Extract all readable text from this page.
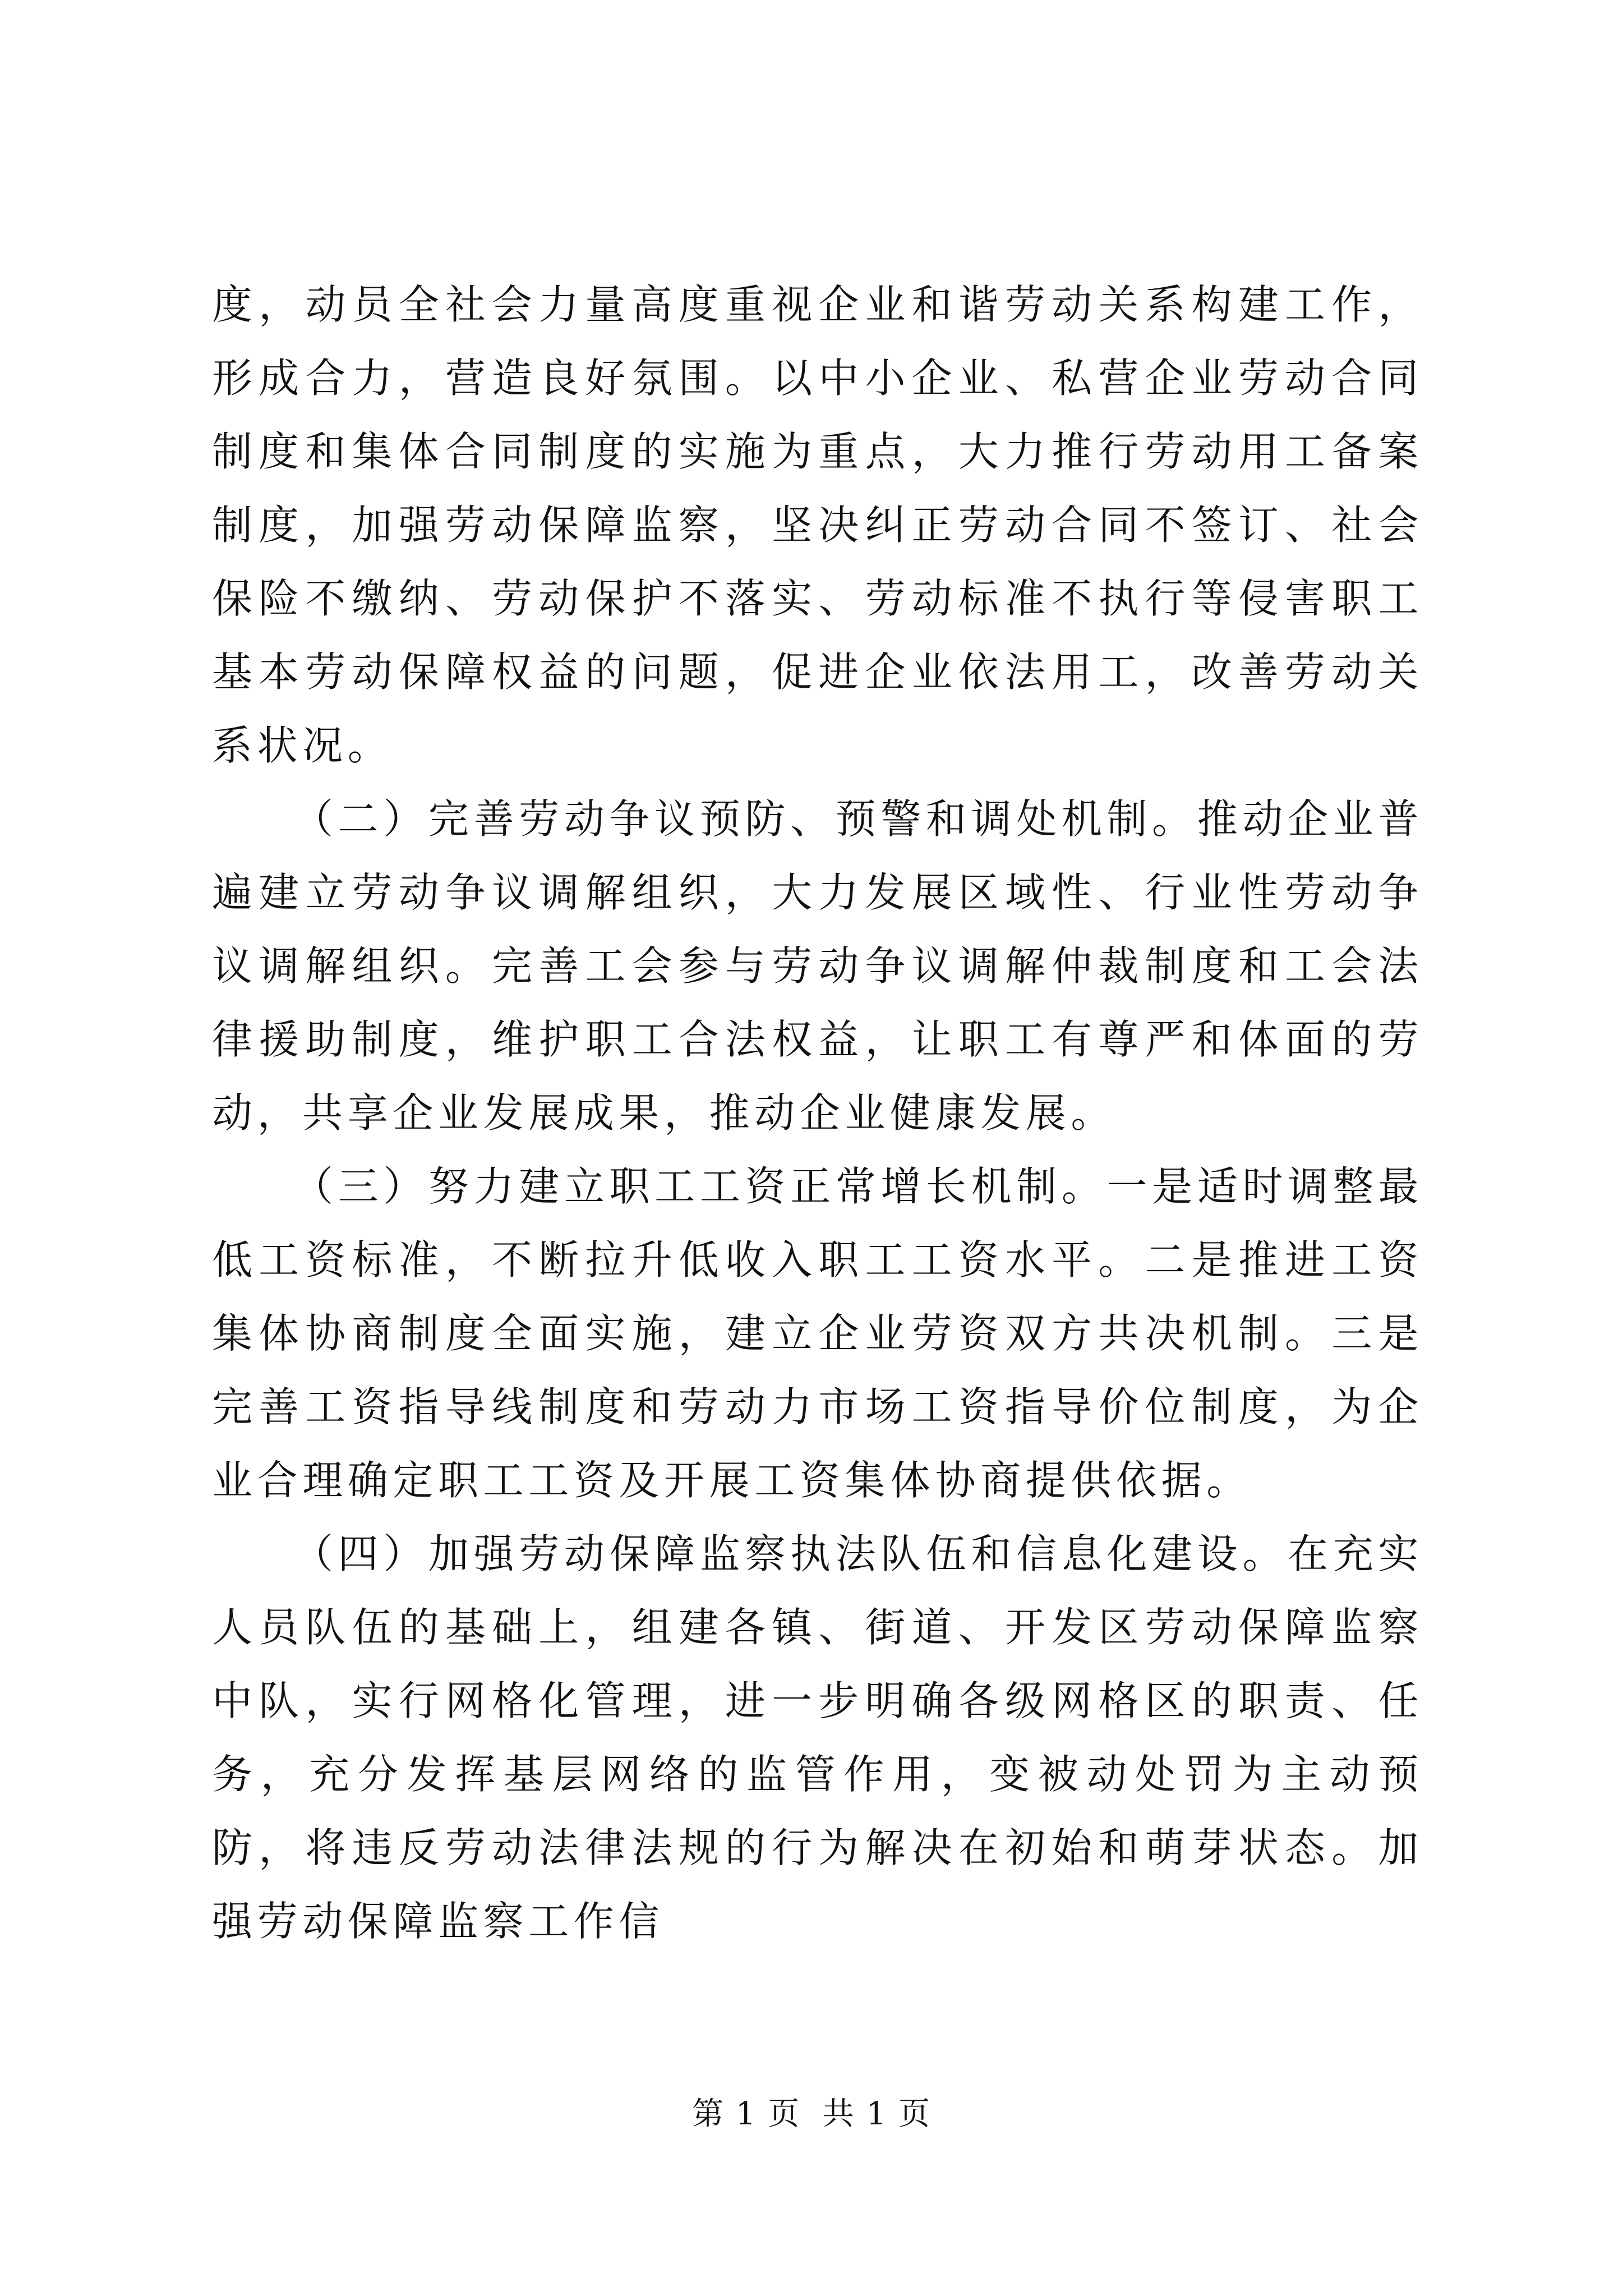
度，动员全社会力量高度重视企业和谐劳动关系构建工作，形成合力，营造良好氛围。以中小企业、私营企业劳动合同制度和集体合同制度的实施为重点，大力推行劳动用工备案制度，加强劳动保障监察，坚决纠正劳动合同不签订、社会保险不缴纳、劳动保护不落实、劳动标准不执行等侵害职工基本劳动保障权益的问题，促进企业依法用工，改善劳动关系状况。

（二）完善劳动争议预防、预警和调处机制。推动企业普遍建立劳动争议调解组织，大力发展区域性、行业性劳动争议调解组织。完善工会参与劳动争议调解仲裁制度和工会法律援助制度，维护职工合法权益，让职工有尊严和体面的劳动，共享企业发展成果，推动企业健康发展。

（三）努力建立职工工资正常增长机制。一是适时调整最低工资标准，不断拉升低收入职工工资水平。二是推进工资集体协商制度全面实施，建立企业劳资双方共决机制。三是完善工资指导线制度和劳动力市场工资指导价位制度，为企业合理确定职工工资及开展工资集体协商提供依据。

（四）加强劳动保障监察执法队伍和信息化建设。在充实人员队伍的基础上，组建各镇、街道、开发区劳动保障监察中队，实行网格化管理，进一步明确各级网格区的职责、任务，充分发挥基层网络的监管作用，变被动处罚为主动预防，将违反劳动法律法规的行为解决在初始和萌芽状态。加强劳动保障监察工作信

第 1 页  共 1 页
